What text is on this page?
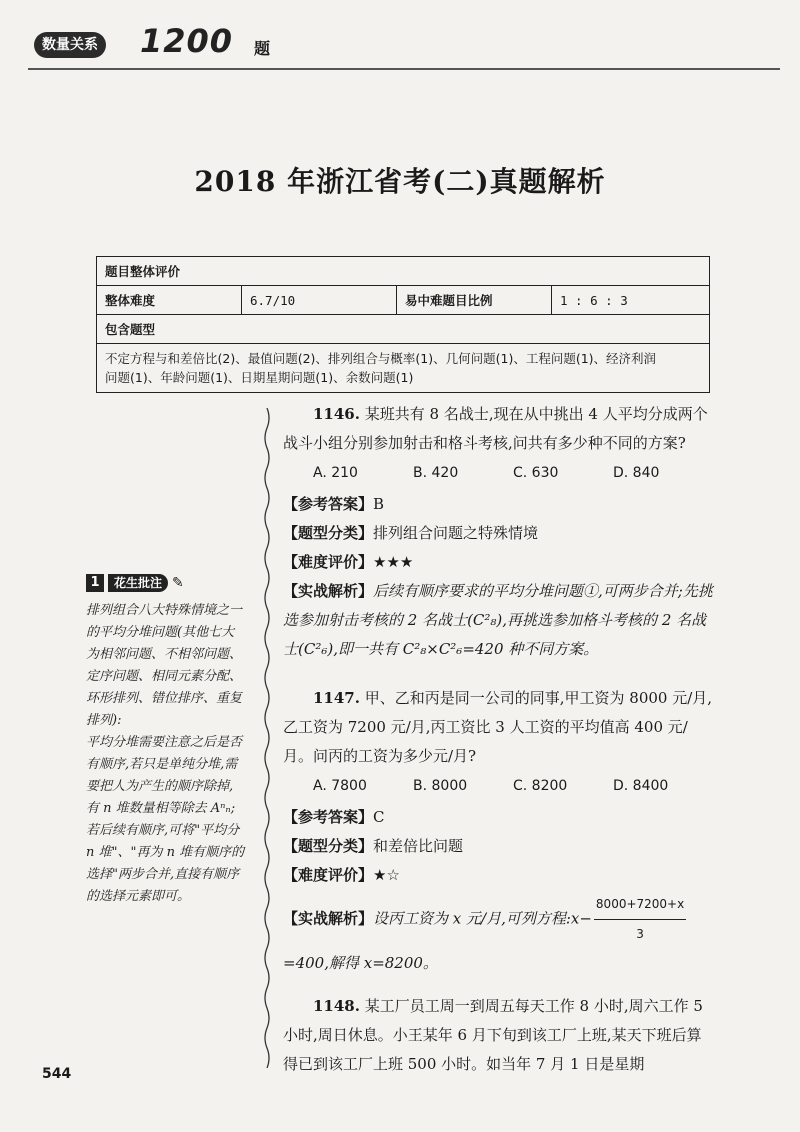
数量关系 1200 题
2018 年浙江省考(二)真题解析
题目整体评价
整体难度	6.7/10	易中难题目比例	1 : 6 : 3
包含题型
不定方程与和差倍比(2)、最值问题(2)、排列组合与概率(1)、几何问题(1)、工程问题(1)、经济利润
问题(1)、年龄问题(1)、日期星期问题(1)、余数问题(1)
1	花生批注 ✎
排列组合八大特殊情境之一的平均分堆问题(其他七大为相邻问题、不相邻问题、定序问题、相同元素分配、环形排列、错位排序、重复排列):
平均分堆需要注意之后是否有顺序,若只是单纯分堆,需要把人为产生的顺序除掉,有 n 堆数量相等除去 Aⁿₙ;
若后续有顺序,可将"平均分 n 堆"、"再为 n 堆有顺序的选择"两步合并,直接有顺序的选择元素即可。

1146. 某班共有 8 名战士,现在从中挑出 4 人平均分成两个战斗小组分别参加射击和格斗考核,问共有多少种不同的方案?

A. 210	B. 420	C. 630	D. 840

【参考答案】B

【题型分类】排列组合问题之特殊情境

【难度评价】★★★

【实战解析】后续有顺序要求的平均分堆问题①,可两步合并;先挑选参加射击考核的 2 名战士(C²₈),再挑选参加格斗考核的 2 名战士(C²₆),即一共有 C²₈×C²₆=420 种不同方案。

1147. 甲、乙和丙是同一公司的同事,甲工资为 8000 元/月,乙工资为 7200 元/月,丙工资比 3 人工资的平均值高 400 元/月。问丙的工资为多少元/月?

A. 7800	B. 8000	C. 8200	D. 8400

【参考答案】C

【题型分类】和差倍比问题

【难度评价】★☆

【实战解析】设丙工资为 x 元/月,可列方程:x− $\frac{8000+7200+x}{3}$

=400,解得 x=8200。

1148. 某工厂员工周一到周五每天工作 8 小时,周六工作 5 小时,周日休息。小王某年 6 月下旬到该工厂上班,某天下班后算得已到该工厂上班 500 小时。如当年 7 月 1 日是星期

544
